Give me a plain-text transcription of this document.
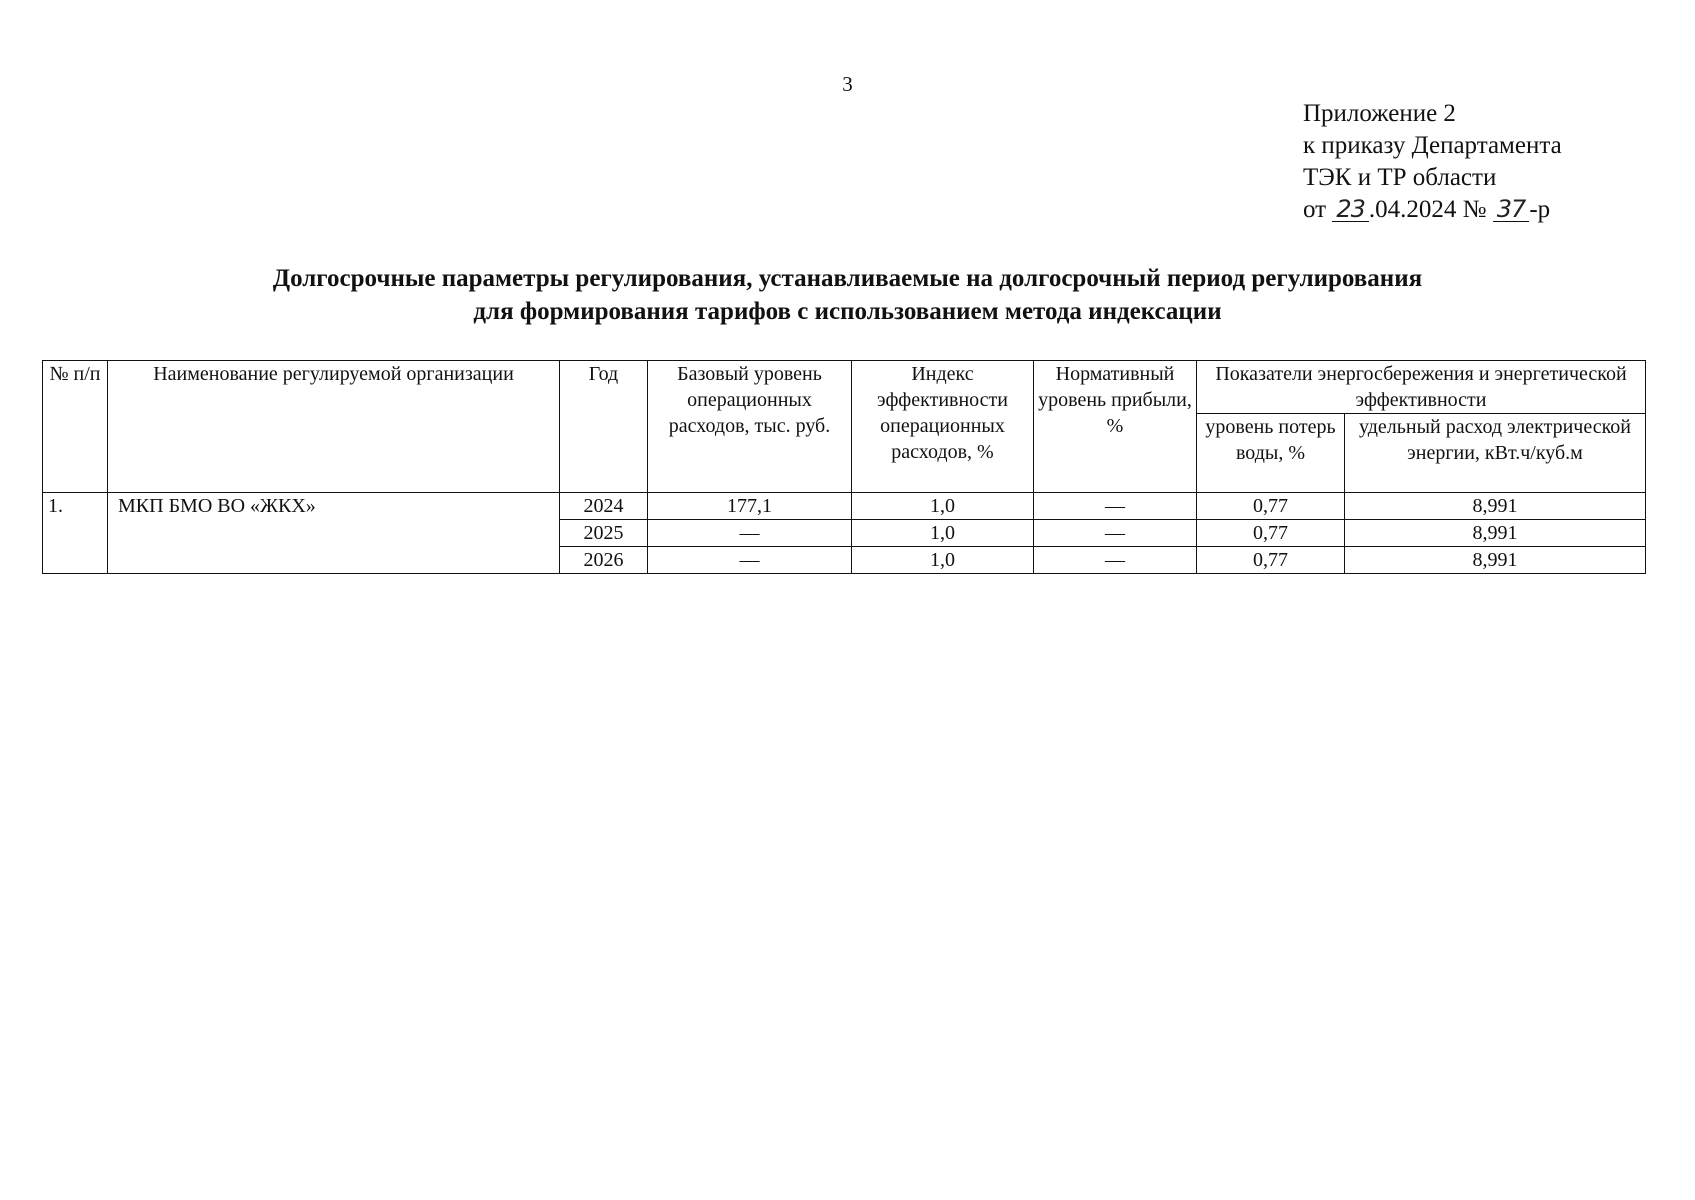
3
Приложение 2
к приказу Департамента
ТЭК и ТР области
от 23 .04.2024 № 37 -р
Долгосрочные параметры регулирования, устанавливаемые на долгосрочный период регулирования
для формирования тарифов с использованием метода индексации
№ п/п	Наименование регулируемой организации	Год	Базовый уровень операционных расходов, тыс. руб.	Индекс эффективности операционных расходов, %	Нормативный уровень прибыли, %	Показатели энергосбережения и энергетической эффективности	
						уровень потерь воды, %	удельный расход электрической энергии, кВт.ч/куб.м
1.	МКП БМО ВО «ЖКХ»	2024	177,1	1,0	—	0,77	8,991
		2025	—	1,0	—	0,77	8,991
		2026	—	1,0	—	0,77	8,991
